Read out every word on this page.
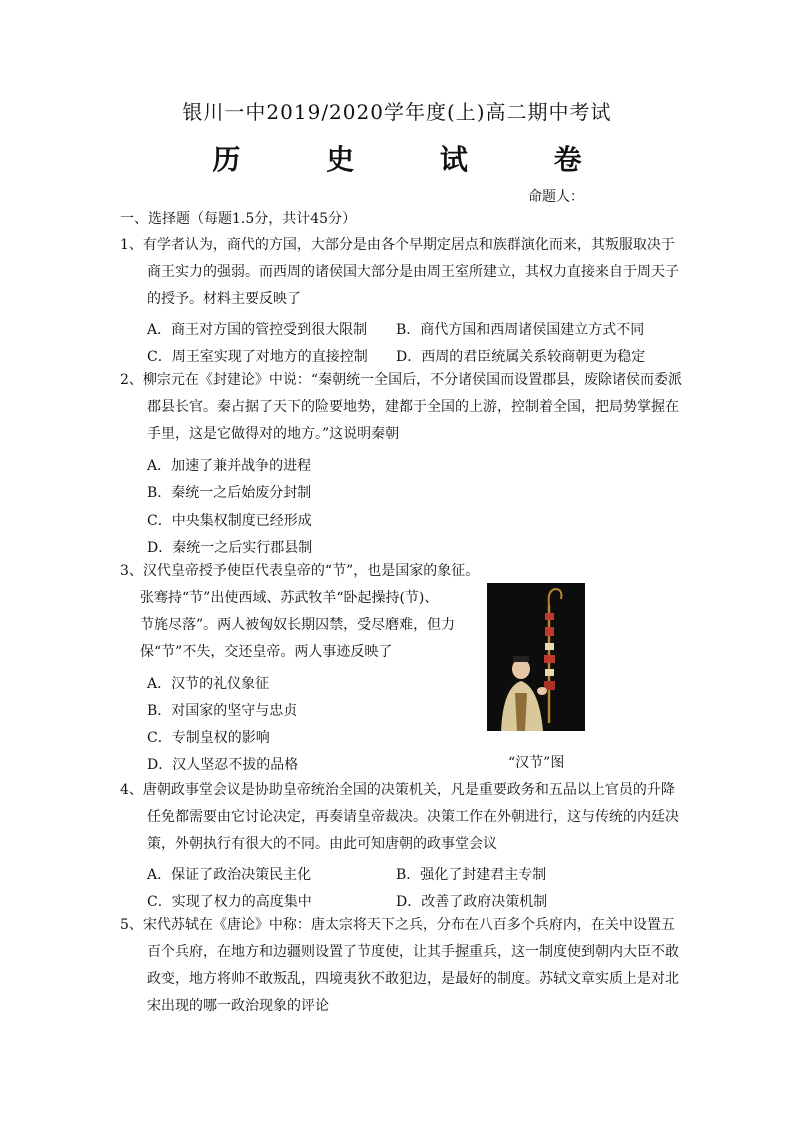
银川一中2019/2020学年度(上)高二期中考试
历 史 试 卷
命题人：
一、选择题（每题1.5分，共计45分）
1、有学者认为，商代的方国，大部分是由各个早期定居点和族群演化而来，其叛服取决于
商王实力的强弱。而西周的诸侯国大部分是由周王室所建立，其权力直接来自于周天子
的授予。材料主要反映了
A．商王对方国的管控受到很大限制 B．商代方国和西周诸侯国建立方式不同
C．周王室实现了对地方的直接控制 D．西周的君臣统属关系较商朝更为稳定
2、柳宗元在《封建论》中说：“秦朝统一全国后，不分诸侯国而设置郡县，废除诸侯而委派
郡县长官。秦占据了天下的险要地势，建都于全国的上游，控制着全国，把局势掌握在
手里，这是它做得对的地方。”这说明秦朝
A．加速了兼并战争的进程
B．秦统一之后始废分封制
C．中央集权制度已经形成
D．秦统一之后实行郡县制
3、汉代皇帝授予使臣代表皇帝的“节”，也是国家的象征。
张骞持“节”出使西域、苏武牧羊“卧起操持(节)、
节旄尽落”。两人被匈奴长期囚禁，受尽磨难，但力
保“节”不失，交还皇帝。两人事迹反映了
A．汉节的礼仪象征
B．对国家的坚守与忠贞
C．专制皇权的影响
D．汉人坚忍不拔的品格	“汉节”图
4、唐朝政事堂会议是协助皇帝统治全国的决策机关，凡是重要政务和五品以上官员的升降
任免都需要由它讨论决定，再奏请皇帝裁决。决策工作在外朝进行，这与传统的内廷决
策，外朝执行有很大的不同。由此可知唐朝的政事堂会议
A．保证了政治决策民主化	B．强化了封建君主专制
C．实现了权力的高度集中	D．改善了政府决策机制
5、宋代苏轼在《唐论》中称：唐太宗将天下之兵，分布在八百多个兵府内，在关中设置五
百个兵府，在地方和边疆则设置了节度使，让其手握重兵，这一制度使到朝内大臣不敢
政变，地方将帅不敢叛乱，四境夷狄不敢犯边，是最好的制度。苏轼文章实质上是对北
宋出现的哪一政治现象的评论
